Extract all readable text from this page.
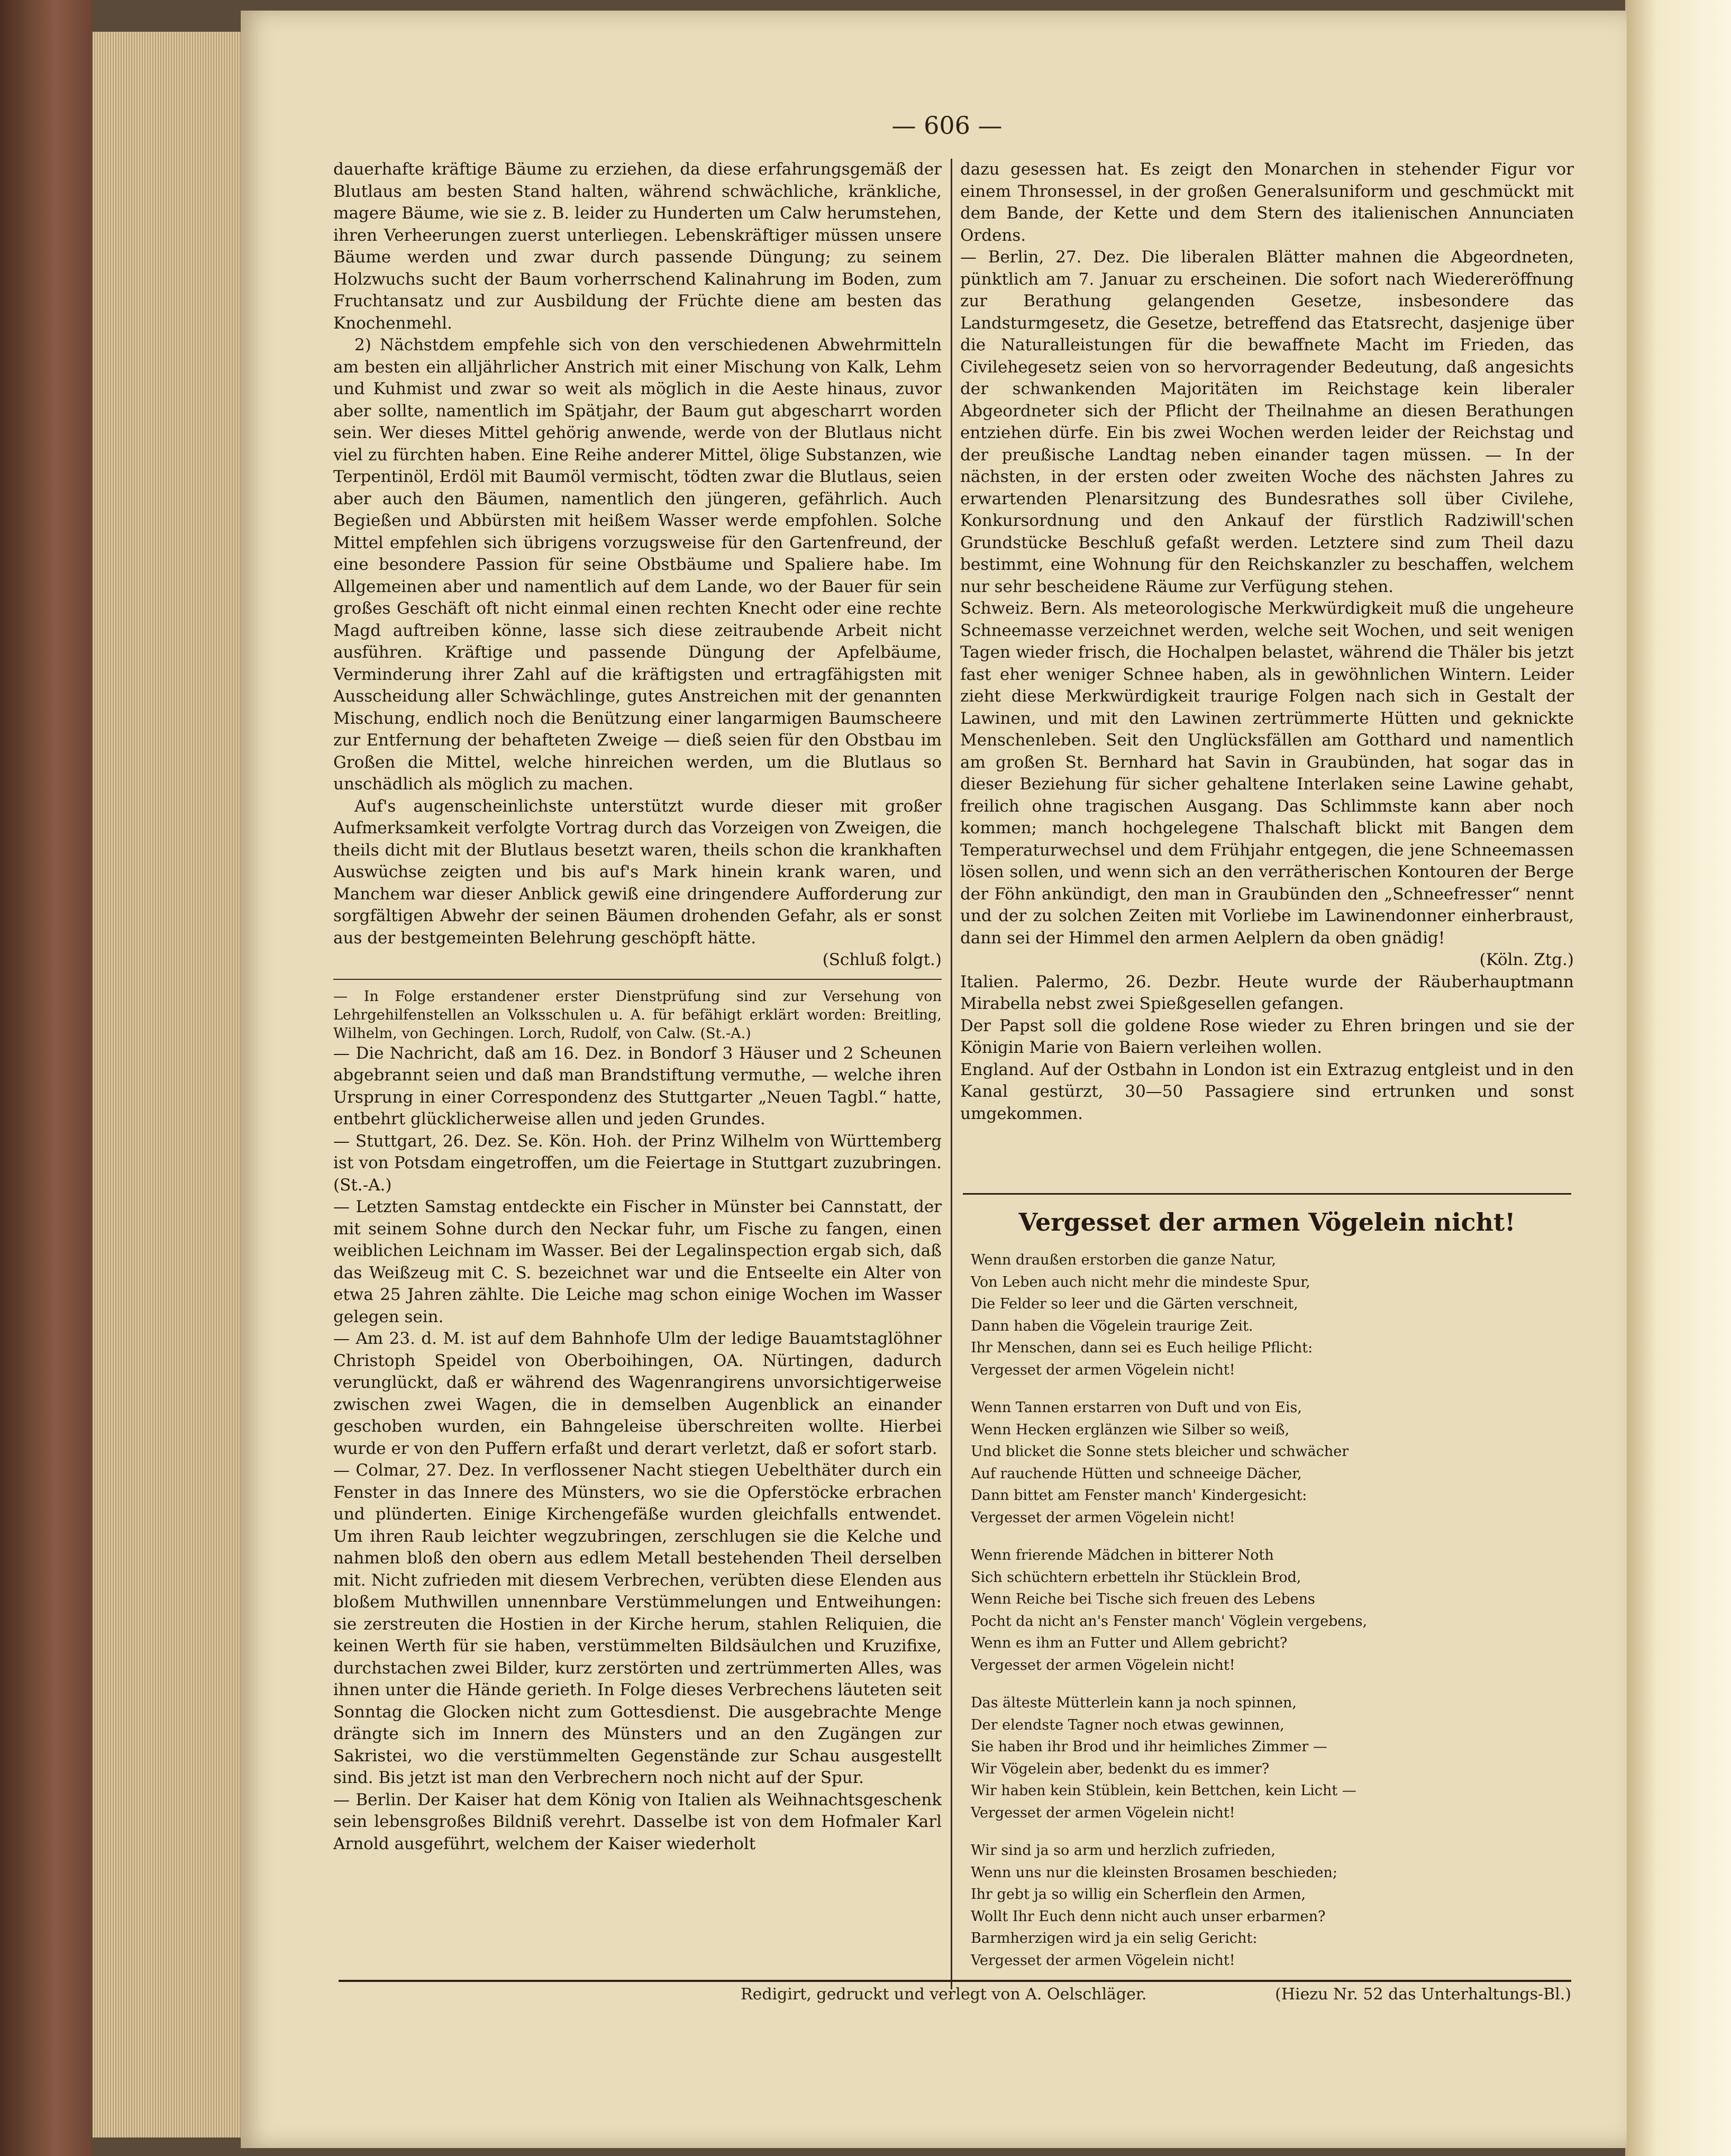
— 606 —

dauerhafte kräftige Bäume zu erziehen, da diese erfahrungsgemäß der Blutlaus am besten Stand halten, während schwächliche, kränkliche, magere Bäume, wie sie z. B. leider zu Hunderten um Calw herumstehen, ihren Verheerungen zuerst unterliegen. Lebenskräftiger müssen unsere Bäume werden und zwar durch passende Düngung; zu seinem Holzwuchs sucht der Baum vorherrschend Kalinahrung im Boden, zum Fruchtansatz und zur Ausbildung der Früchte diene am besten das Knochenmehl.

2) Nächstdem empfehle sich von den verschiedenen Abwehrmitteln am besten ein alljährlicher Anstrich mit einer Mischung von Kalk, Lehm und Kuhmist und zwar so weit als möglich in die Aeste hinaus, zuvor aber sollte, namentlich im Spätjahr, der Baum gut abgescharrt worden sein. Wer dieses Mittel gehörig anwende, werde von der Blutlaus nicht viel zu fürchten haben. Eine Reihe anderer Mittel, ölige Substanzen, wie Terpentinöl, Erdöl mit Baumöl vermischt, tödten zwar die Blutlaus, seien aber auch den Bäumen, namentlich den jüngeren, gefährlich. Auch Begießen und Abbürsten mit heißem Wasser werde empfohlen. Solche Mittel empfehlen sich übrigens vorzugsweise für den Gartenfreund, der eine besondere Passion für seine Obstbäume und Spaliere habe. Im Allgemeinen aber und namentlich auf dem Lande, wo der Bauer für sein großes Geschäft oft nicht einmal einen rechten Knecht oder eine rechte Magd auftreiben könne, lasse sich diese zeitraubende Arbeit nicht ausführen. Kräftige und passende Düngung der Apfelbäume, Verminderung ihrer Zahl auf die kräftigsten und ertragfähigsten mit Ausscheidung aller Schwächlinge, gutes Anstreichen mit der genannten Mischung, endlich noch die Benützung einer langarmigen Baumscheere zur Entfernung der behafteten Zweige — dieß seien für den Obstbau im Großen die Mittel, welche hinreichen werden, um die Blutlaus so unschädlich als möglich zu machen.

Auf's augenscheinlichste unterstützt wurde dieser mit großer Aufmerksamkeit verfolgte Vortrag durch das Vorzeigen von Zweigen, die theils dicht mit der Blutlaus besetzt waren, theils schon die krankhaften Auswüchse zeigten und bis auf's Mark hinein krank waren, und Manchem war dieser Anblick gewiß eine dringendere Aufforderung zur sorgfältigen Abwehr der seinen Bäumen drohenden Gefahr, als er sonst aus der bestgemeinten Belehrung geschöpft hätte.

(Schluß folgt.)

— In Folge erstandener erster Dienstprüfung sind zur Versehung von Lehrgehilfenstellen an Volksschulen u. A. für befähigt erklärt worden: Breitling, Wilhelm, von Gechingen. Lorch, Rudolf, von Calw. (St.-A.)

— Die Nachricht, daß am 16. Dez. in Bondorf 3 Häuser und 2 Scheunen abgebrannt seien und daß man Brandstiftung vermuthe, — welche ihren Ursprung in einer Correspondenz des Stuttgarter „Neuen Tagbl.“ hatte, entbehrt glücklicherweise allen und jeden Grundes.

— Stuttgart, 26. Dez. Se. Kön. Hoh. der Prinz Wilhelm von Württemberg ist von Potsdam eingetroffen, um die Feiertage in Stuttgart zuzubringen. (St.-A.)

— Letzten Samstag entdeckte ein Fischer in Münster bei Cannstatt, der mit seinem Sohne durch den Neckar fuhr, um Fische zu fangen, einen weiblichen Leichnam im Wasser. Bei der Legalinspection ergab sich, daß das Weißzeug mit C. S. bezeichnet war und die Entseelte ein Alter von etwa 25 Jahren zählte. Die Leiche mag schon einige Wochen im Wasser gelegen sein.

— Am 23. d. M. ist auf dem Bahnhofe Ulm der ledige Bauamtstaglöhner Christoph Speidel von Oberboihingen, OA. Nürtingen, dadurch verunglückt, daß er während des Wagenrangirens unvorsichtigerweise zwischen zwei Wagen, die in demselben Augenblick an einander geschoben wurden, ein Bahngeleise überschreiten wollte. Hierbei wurde er von den Puffern erfaßt und derart verletzt, daß er sofort starb.

— Colmar, 27. Dez. In verflossener Nacht stiegen Uebelthäter durch ein Fenster in das Innere des Münsters, wo sie die Opferstöcke erbrachen und plünderten. Einige Kirchengefäße wurden gleichfalls entwendet. Um ihren Raub leichter wegzubringen, zerschlugen sie die Kelche und nahmen bloß den obern aus edlem Metall bestehenden Theil derselben mit. Nicht zufrieden mit diesem Verbrechen, verübten diese Elenden aus bloßem Muthwillen unnennbare Verstümmelungen und Entweihungen: sie zerstreuten die Hostien in der Kirche herum, stahlen Reliquien, die keinen Werth für sie haben, verstümmelten Bildsäulchen und Kruzifixe, durchstachen zwei Bilder, kurz zerstörten und zertrümmerten Alles, was ihnen unter die Hände gerieth. In Folge dieses Verbrechens läuteten seit Sonntag die Glocken nicht zum Gottesdienst. Die ausgebrachte Menge drängte sich im Innern des Münsters und an den Zugängen zur Sakristei, wo die verstümmelten Gegenstände zur Schau ausgestellt sind. Bis jetzt ist man den Verbrechern noch nicht auf der Spur.

— Berlin. Der Kaiser hat dem König von Italien als Weihnachtsgeschenk sein lebensgroßes Bildniß verehrt. Dasselbe ist von dem Hofmaler Karl Arnold ausgeführt, welchem der Kaiser wiederholt

dazu gesessen hat. Es zeigt den Monarchen in stehender Figur vor einem Thronsessel, in der großen Generalsuniform und geschmückt mit dem Bande, der Kette und dem Stern des italienischen Annunciaten Ordens.

— Berlin, 27. Dez. Die liberalen Blätter mahnen die Abgeordneten, pünktlich am 7. Januar zu erscheinen. Die sofort nach Wiedereröffnung zur Berathung gelangenden Gesetze, insbesondere das Landsturmgesetz, die Gesetze, betreffend das Etatsrecht, dasjenige über die Naturalleistungen für die bewaffnete Macht im Frieden, das Civilehegesetz seien von so hervorragender Bedeutung, daß angesichts der schwankenden Majoritäten im Reichstage kein liberaler Abgeordneter sich der Pflicht der Theilnahme an diesen Berathungen entziehen dürfe. Ein bis zwei Wochen werden leider der Reichstag und der preußische Landtag neben einander tagen müssen. — In der nächsten, in der ersten oder zweiten Woche des nächsten Jahres zu erwartenden Plenarsitzung des Bundesrathes soll über Civilehe, Konkursordnung und den Ankauf der fürstlich Radziwill'schen Grundstücke Beschluß gefaßt werden. Letztere sind zum Theil dazu bestimmt, eine Wohnung für den Reichskanzler zu beschaffen, welchem nur sehr bescheidene Räume zur Verfügung stehen.

Schweiz. Bern. Als meteorologische Merkwürdigkeit muß die ungeheure Schneemasse verzeichnet werden, welche seit Wochen, und seit wenigen Tagen wieder frisch, die Hochalpen belastet, während die Thäler bis jetzt fast eher weniger Schnee haben, als in gewöhnlichen Wintern. Leider zieht diese Merkwürdigkeit traurige Folgen nach sich in Gestalt der Lawinen, und mit den Lawinen zertrümmerte Hütten und geknickte Menschenleben. Seit den Unglücksfällen am Gotthard und namentlich am großen St. Bernhard hat Savin in Graubünden, hat sogar das in dieser Beziehung für sicher gehaltene Interlaken seine Lawine gehabt, freilich ohne tragischen Ausgang. Das Schlimmste kann aber noch kommen; manch hochgelegene Thalschaft blickt mit Bangen dem Temperaturwechsel und dem Frühjahr entgegen, die jene Schneemassen lösen sollen, und wenn sich an den verrätherischen Kontouren der Berge der Föhn ankündigt, den man in Graubünden den „Schneefresser“ nennt und der zu solchen Zeiten mit Vorliebe im Lawinendonner einherbraust, dann sei der Himmel den armen Aelplern da oben gnädig!

(Köln. Ztg.)

Italien. Palermo, 26. Dezbr. Heute wurde der Räuberhauptmann Mirabella nebst zwei Spießgesellen gefangen.

Der Papst soll die goldene Rose wieder zu Ehren bringen und sie der Königin Marie von Baiern verleihen wollen.

England. Auf der Ostbahn in London ist ein Extrazug entgleist und in den Kanal gestürzt, 30—50 Passagiere sind ertrunken und sonst umgekommen.

Vergesset der armen Vögelein nicht!
Wenn draußen erstorben die ganze Natur,
Von Leben auch nicht mehr die mindeste Spur,
Die Felder so leer und die Gärten verschneit,
Dann haben die Vögelein traurige Zeit.
Ihr Menschen, dann sei es Euch heilige Pflicht:
Vergesset der armen Vögelein nicht!
Wenn Tannen erstarren von Duft und von Eis,
Wenn Hecken erglänzen wie Silber so weiß,
Und blicket die Sonne stets bleicher und schwächer
Auf rauchende Hütten und schneeige Dächer,
Dann bittet am Fenster manch' Kindergesicht:
Vergesset der armen Vögelein nicht!
Wenn frierende Mädchen in bitterer Noth
Sich schüchtern erbetteln ihr Stücklein Brod,
Wenn Reiche bei Tische sich freuen des Lebens
Pocht da nicht an's Fenster manch' Vöglein vergebens,
Wenn es ihm an Futter und Allem gebricht?
Vergesset der armen Vögelein nicht!
Das älteste Mütterlein kann ja noch spinnen,
Der elendste Tagner noch etwas gewinnen,
Sie haben ihr Brod und ihr heimliches Zimmer —
Wir Vögelein aber, bedenkt du es immer?
Wir haben kein Stüblein, kein Bettchen, kein Licht —
Vergesset der armen Vögelein nicht!
Wir sind ja so arm und herzlich zufrieden,
Wenn uns nur die kleinsten Brosamen beschieden;
Ihr gebt ja so willig ein Scherflein den Armen,
Wollt Ihr Euch denn nicht auch unser erbarmen?
Barmherzigen wird ja ein selig Gericht:
Vergesset der armen Vögelein nicht!
Redigirt, gedruckt und verlegt von A. Oelschläger.	(Hiezu Nr. 52 das Unterhaltungs-Bl.)
